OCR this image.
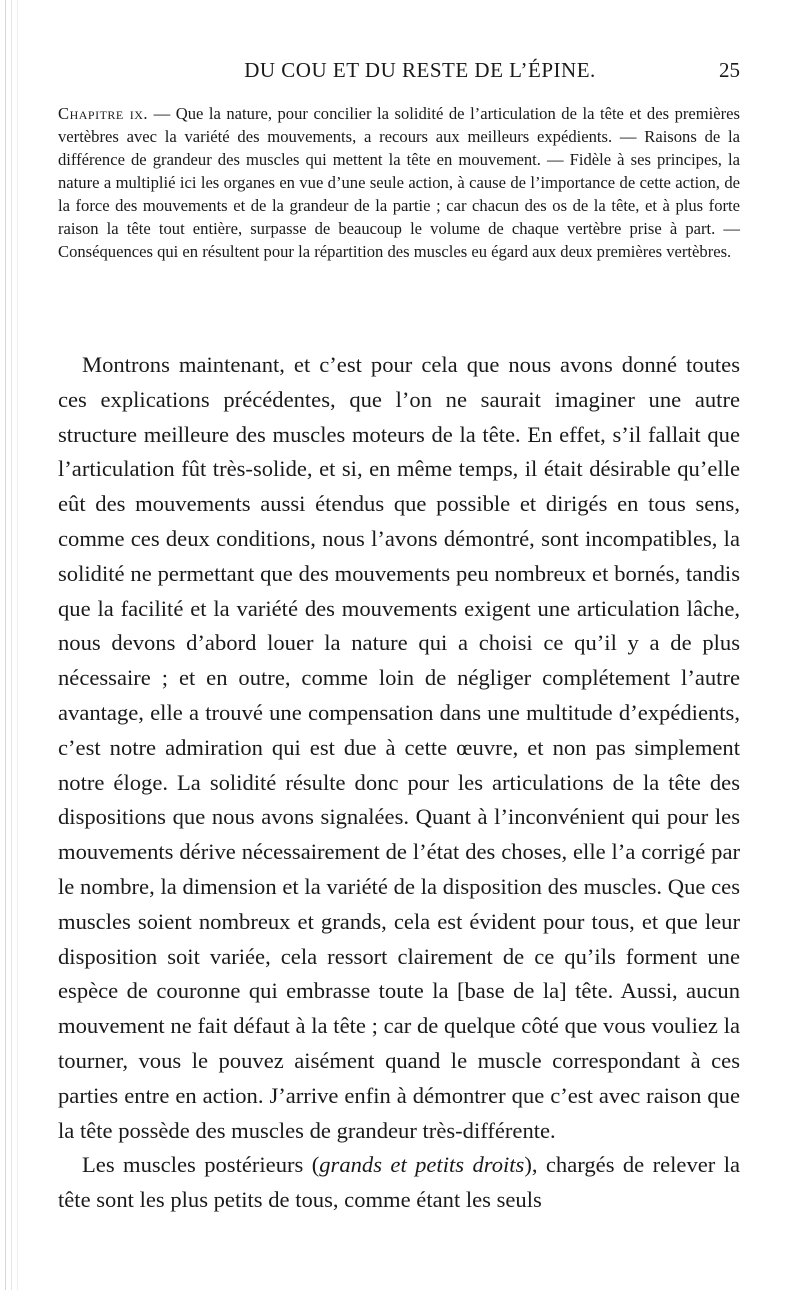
DU COU ET DU RESTE DE L’ÉPINE.	25
Chapitre ix. — Que la nature, pour concilier la solidité de l’articulation de la tête et des premières vertèbres avec la variété des mouvements, a recours aux meilleurs expédients. — Raisons de la différence de grandeur des muscles qui mettent la tête en mouvement. — Fidèle à ses principes, la nature a multiplié ici les organes en vue d’une seule action, à cause de l’importance de cette action, de la force des mouvements et de la grandeur de la partie ; car chacun des os de la tête, et à plus forte raison la tête tout entière, surpasse de beaucoup le volume de chaque vertèbre prise à part. — Conséquences qui en résultent pour la répartition des muscles eu égard aux deux premières vertèbres.

Montrons maintenant, et c’est pour cela que nous avons donné toutes ces explications précédentes, que l’on ne saurait imaginer une autre structure meilleure des muscles moteurs de la tête. En effet, s’il fallait que l’articulation fût très-solide, et si, en même temps, il était désirable qu’elle eût des mouvements aussi étendus que possible et dirigés en tous sens, comme ces deux conditions, nous l’avons démontré, sont incompatibles, la solidité ne permettant que des mouvements peu nombreux et bornés, tandis que la facilité et la variété des mouvements exigent une articulation lâche, nous devons d’abord louer la nature qui a choisi ce qu’il y a de plus nécessaire ; et en outre, comme loin de négliger complétement l’autre avantage, elle a trouvé une compensation dans une multitude d’expédients, c’est notre admiration qui est due à cette œuvre, et non pas simplement notre éloge. La solidité résulte donc pour les articulations de la tête des dispositions que nous avons signalées. Quant à l’inconvénient qui pour les mouvements dérive nécessairement de l’état des choses, elle l’a corrigé par le nombre, la dimension et la variété de la disposition des muscles. Que ces muscles soient nombreux et grands, cela est évident pour tous, et que leur disposition soit variée, cela ressort clairement de ce qu’ils forment une espèce de couronne qui embrasse toute la [base de la] tête. Aussi, aucun mouvement ne fait défaut à la tête ; car de quelque côté que vous vouliez la tourner, vous le pouvez aisément quand le muscle correspondant à ces parties entre en action. J’arrive enfin à démontrer que c’est avec raison que la tête possède des muscles de grandeur très-différente.

Les muscles postérieurs (grands et petits droits), chargés de relever la tête sont les plus petits de tous, comme étant les seuls
